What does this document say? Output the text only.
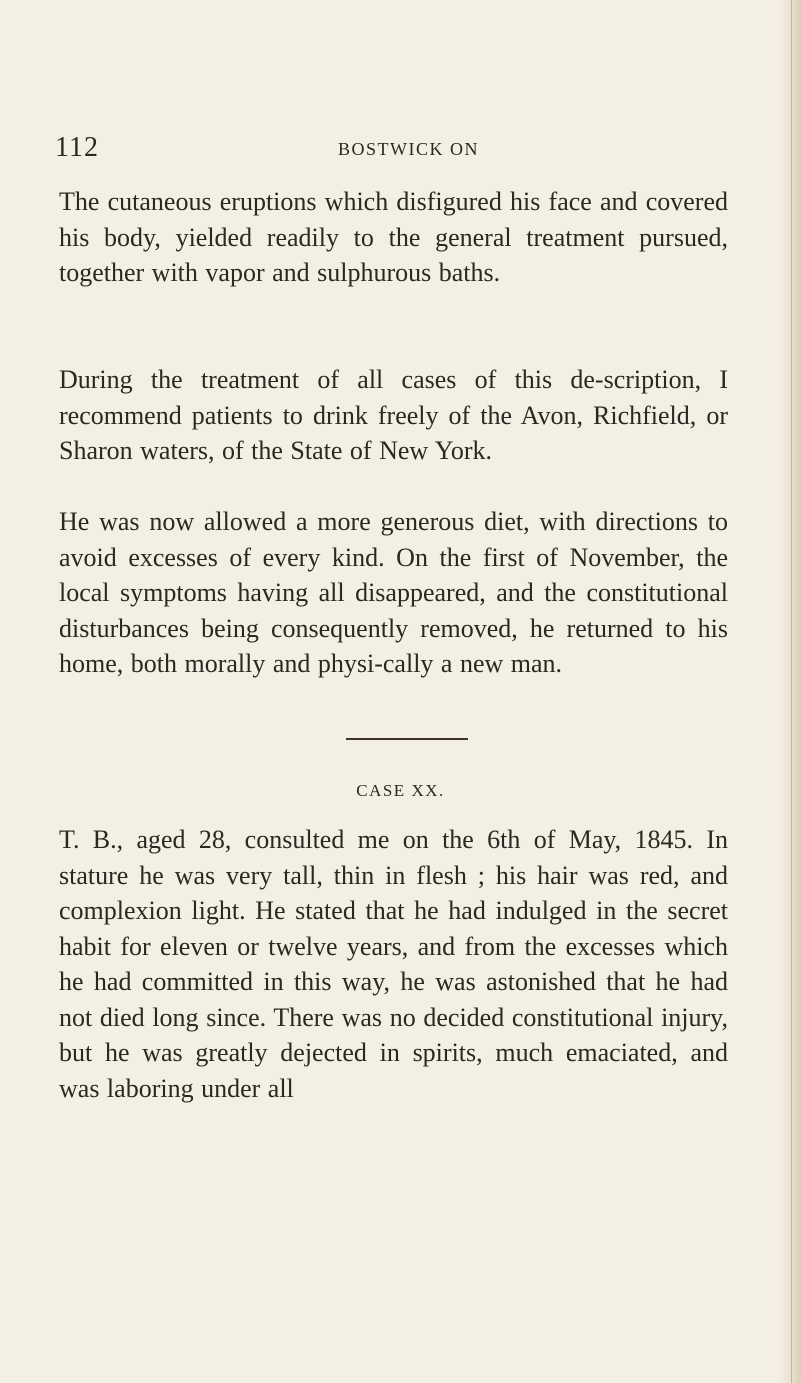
112	BOSTWICK ON

The cutaneous eruptions which disfigured his face and covered his body, yielded readily to the general treatment pursued, together with vapor and sulphurous baths.

During the treatment of all cases of this de-scription, I recommend patients to drink freely of the Avon, Richfield, or Sharon waters, of the State of New York.

He was now allowed a more generous diet, with directions to avoid excesses of every kind. On the first of November, the local symptoms having all disappeared, and the constitutional disturbances being consequently removed, he returned to his home, both morally and physi-cally a new man.

CASE XX.

T. B., aged 28, consulted me on the 6th of May, 1845. In stature he was very tall, thin in flesh ; his hair was red, and complexion light. He stated that he had indulged in the secret habit for eleven or twelve years, and from the excesses which he had committed in this way, he was astonished that he had not died long since. There was no decided constitutional injury, but he was greatly dejected in spirits, much emaciated, and was laboring under all
